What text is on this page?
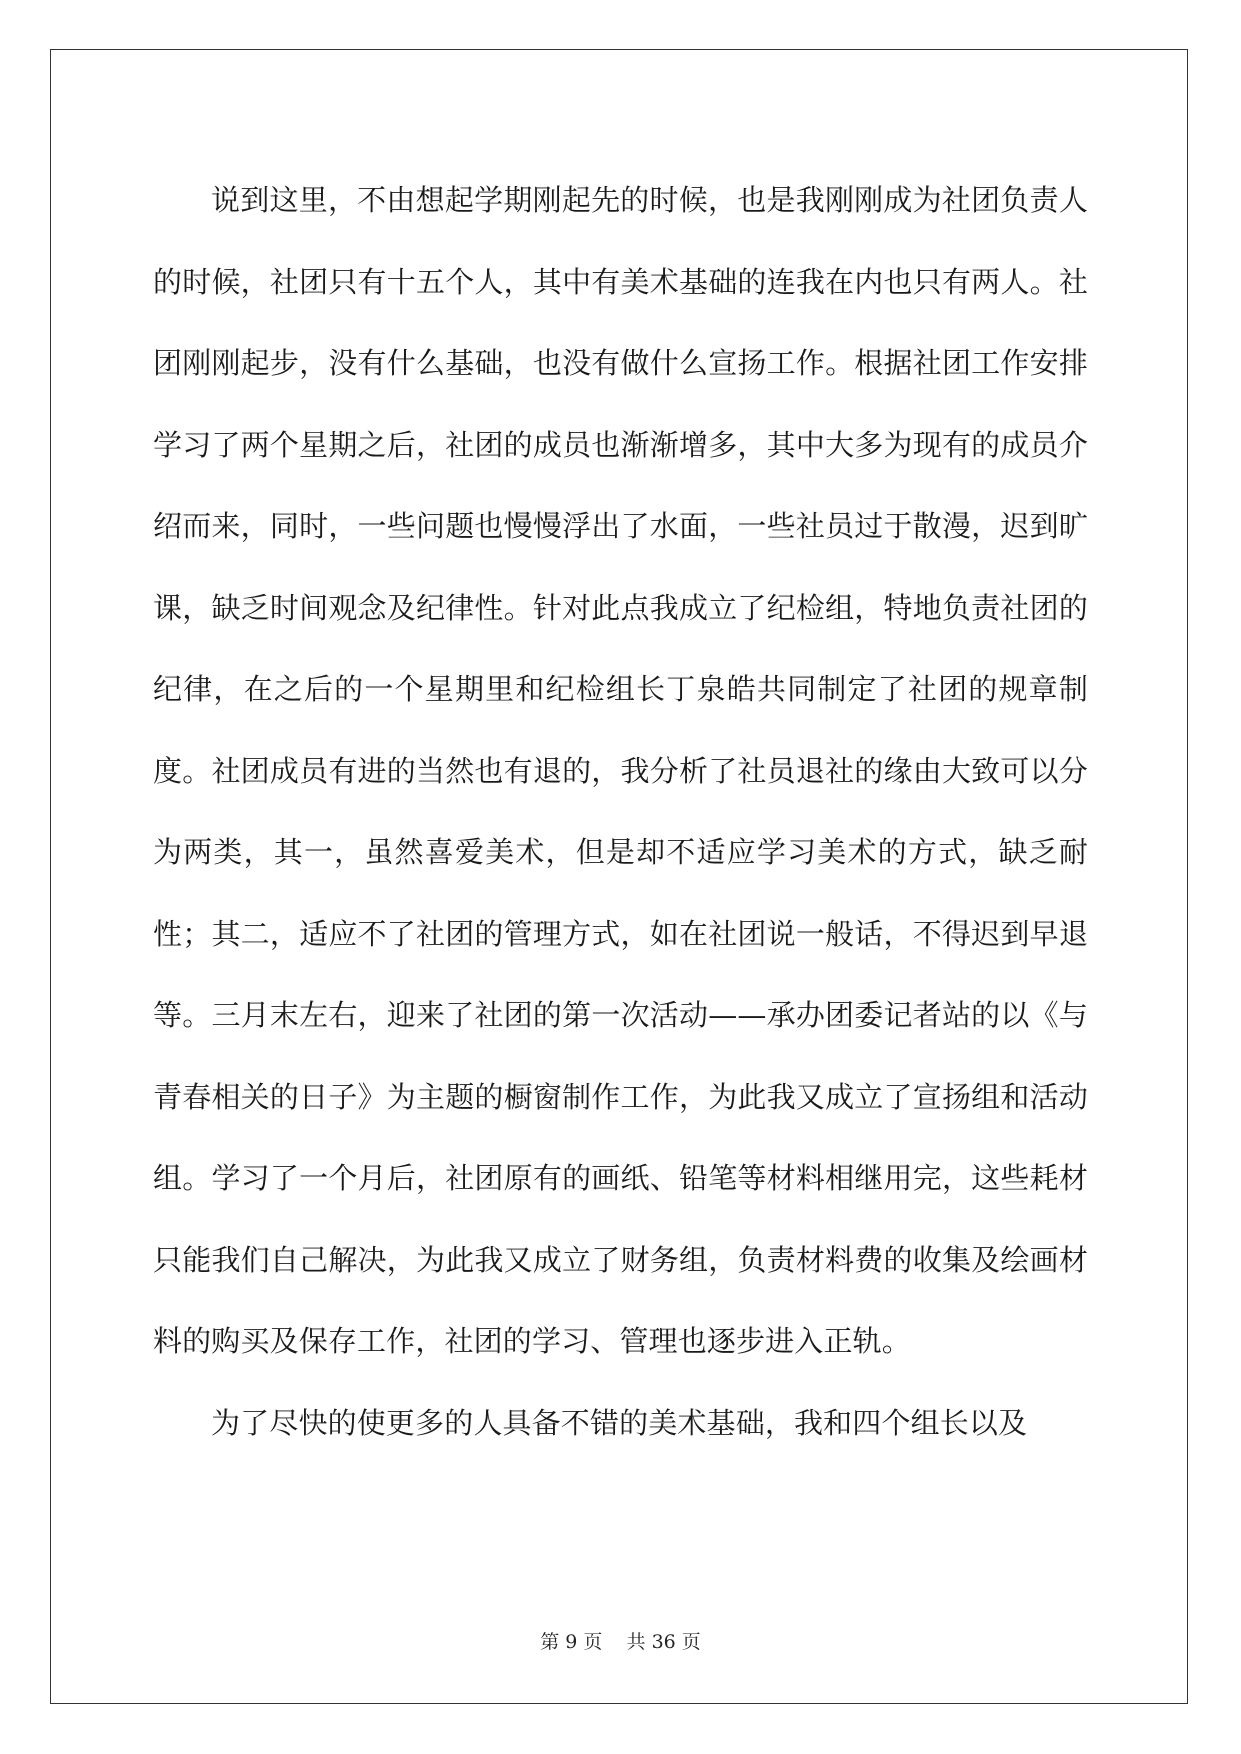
说到这里，不由想起学期刚起先的时候，也是我刚刚成为社团负责人的时候，社团只有十五个人，其中有美术基础的连我在内也只有两人。社团刚刚起步，没有什么基础，也没有做什么宣扬工作。根据社团工作安排学习了两个星期之后，社团的成员也渐渐增多，其中大多为现有的成员介绍而来，同时，一些问题也慢慢浮出了水面，一些社员过于散漫，迟到旷课，缺乏时间观念及纪律性。针对此点我成立了纪检组，特地负责社团的纪律，在之后的一个星期里和纪检组长丁泉皓共同制定了社团的规章制度。社团成员有进的当然也有退的，我分析了社员退社的缘由大致可以分为两类，其一，虽然喜爱美术，但是却不适应学习美术的方式，缺乏耐性；其二，适应不了社团的管理方式，如在社团说一般话，不得迟到早退等。三月末左右，迎来了社团的第一次活动——承办团委记者站的以《与青春相关的日子》为主题的橱窗制作工作，为此我又成立了宣扬组和活动组。学习了一个月后，社团原有的画纸、铅笔等材料相继用完，这些耗材只能我们自己解决，为此我又成立了财务组，负责材料费的收集及绘画材料的购买及保存工作，社团的学习、管理也逐步进入正轨。

为了尽快的使更多的人具备不错的美术基础，我和四个组长以及

第 9 页    共 36 页
